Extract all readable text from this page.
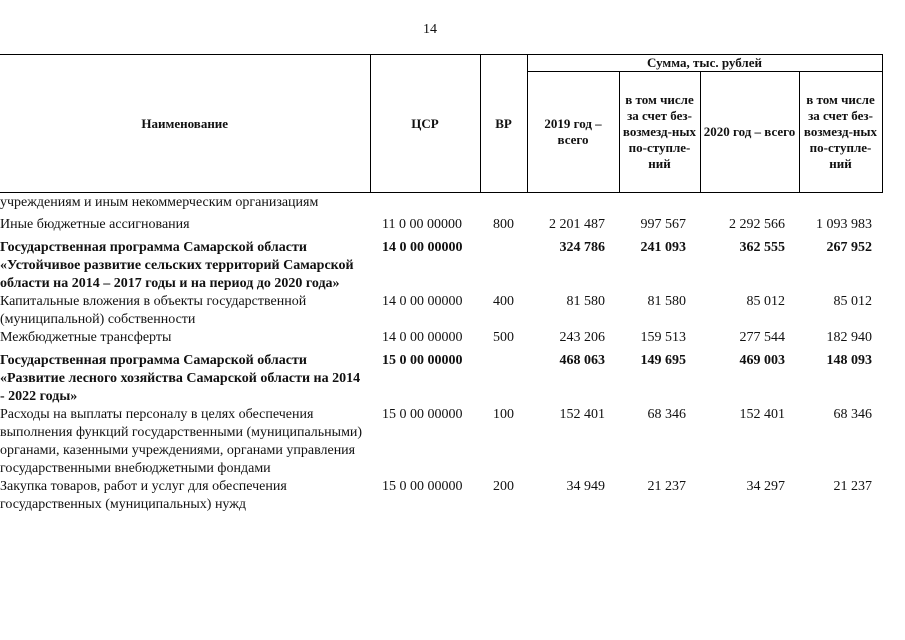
14
Наименование	ЦСР	ВР	Сумма, тыс. рублей			
			2019 год – всего	в том числе за счет без-возмезд-ных по-ступле-ний	2020 год – всего	в том числе за счет без-возмезд-ных по-ступле-ний
учреждениям и иным некоммерческим организациям						
Иные бюджетные ассигнования	11 0 00 00000	800	2 201 487	997 567	2 292 566	1 093 983
Государственная программа Самарской области «Устойчивое развитие сельских территорий Самарской области на 2014 – 2017 годы и на период до 2020 года»	14 0 00 00000		324 786	241 093	362 555	267 952
Капитальные вложения в объекты государственной (муниципальной) собственности	14 0 00 00000	400	81 580	81 580	85 012	85 012
Межбюджетные трансферты	14 0 00 00000	500	243 206	159 513	277 544	182 940
Государственная программа Самарской области «Развитие лесного хозяйства Самарской области на 2014 - 2022 годы»	15 0 00 00000		468 063	149 695	469 003	148 093
Расходы на выплаты персоналу в целях обеспечения выполнения функций государственными (муниципальными) органами, казенными учреждениями, органами управления государственными внебюджетными фондами	15 0 00 00000	100	152 401	68 346	152 401	68 346
Закупка товаров, работ и услуг для обеспечения государственных (муниципальных) нужд	15 0 00 00000	200	34 949	21 237	34 297	21 237
